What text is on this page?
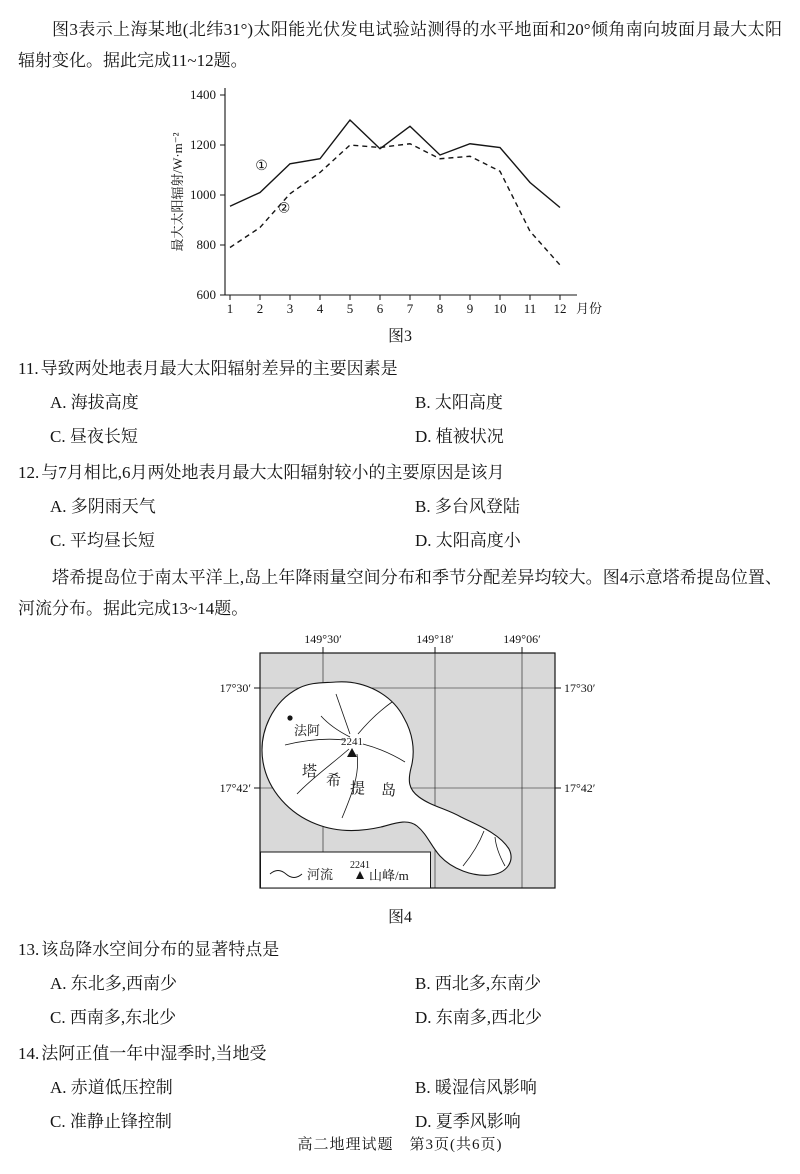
图3表示上海某地(北纬31°)太阳能光伏发电试验站测得的水平地面和20°倾角南向坡面月最大太阳辐射变化。据此完成11~12题。

600
800
1000
1200
1400
1 2 3 4 5 6 7 8 9 10 11 12 月份
最大太阳辐射/W·m⁻²	①
②
图3

11. 导致两处地表月最大太阳辐射差异的主要因素是

A. 海拔高度	B. 太阳高度
C. 昼夜长短	D. 植被状况

12. 与7月相比,6月两处地表月最大太阳辐射较小的主要原因是该月

A. 多阴雨天气	B. 多台风登陆
C. 平均昼长短	D. 太阳高度小

塔希提岛位于南太平洋上,岛上年降雨量空间分布和季节分配差异均较大。图4示意塔希提岛位置、河流分布。据此完成13~14题。

149°30′	149°18′	149°06′
17°30′
17°42′
17°30′
17°42′
法阿
2241
塔
希 提 岛
河流
2241
山峰/m
图4

13. 该岛降水空间分布的显著特点是

A. 东北多,西南少	B. 西北多,东南少
C. 西南多,东北少	D. 东南多,西北少

14. 法阿正值一年中湿季时,当地受

A. 赤道低压控制	B. 暖湿信风影响
C. 准静止锋控制	D. 夏季风影响
高二地理试题　第3页(共6页)
